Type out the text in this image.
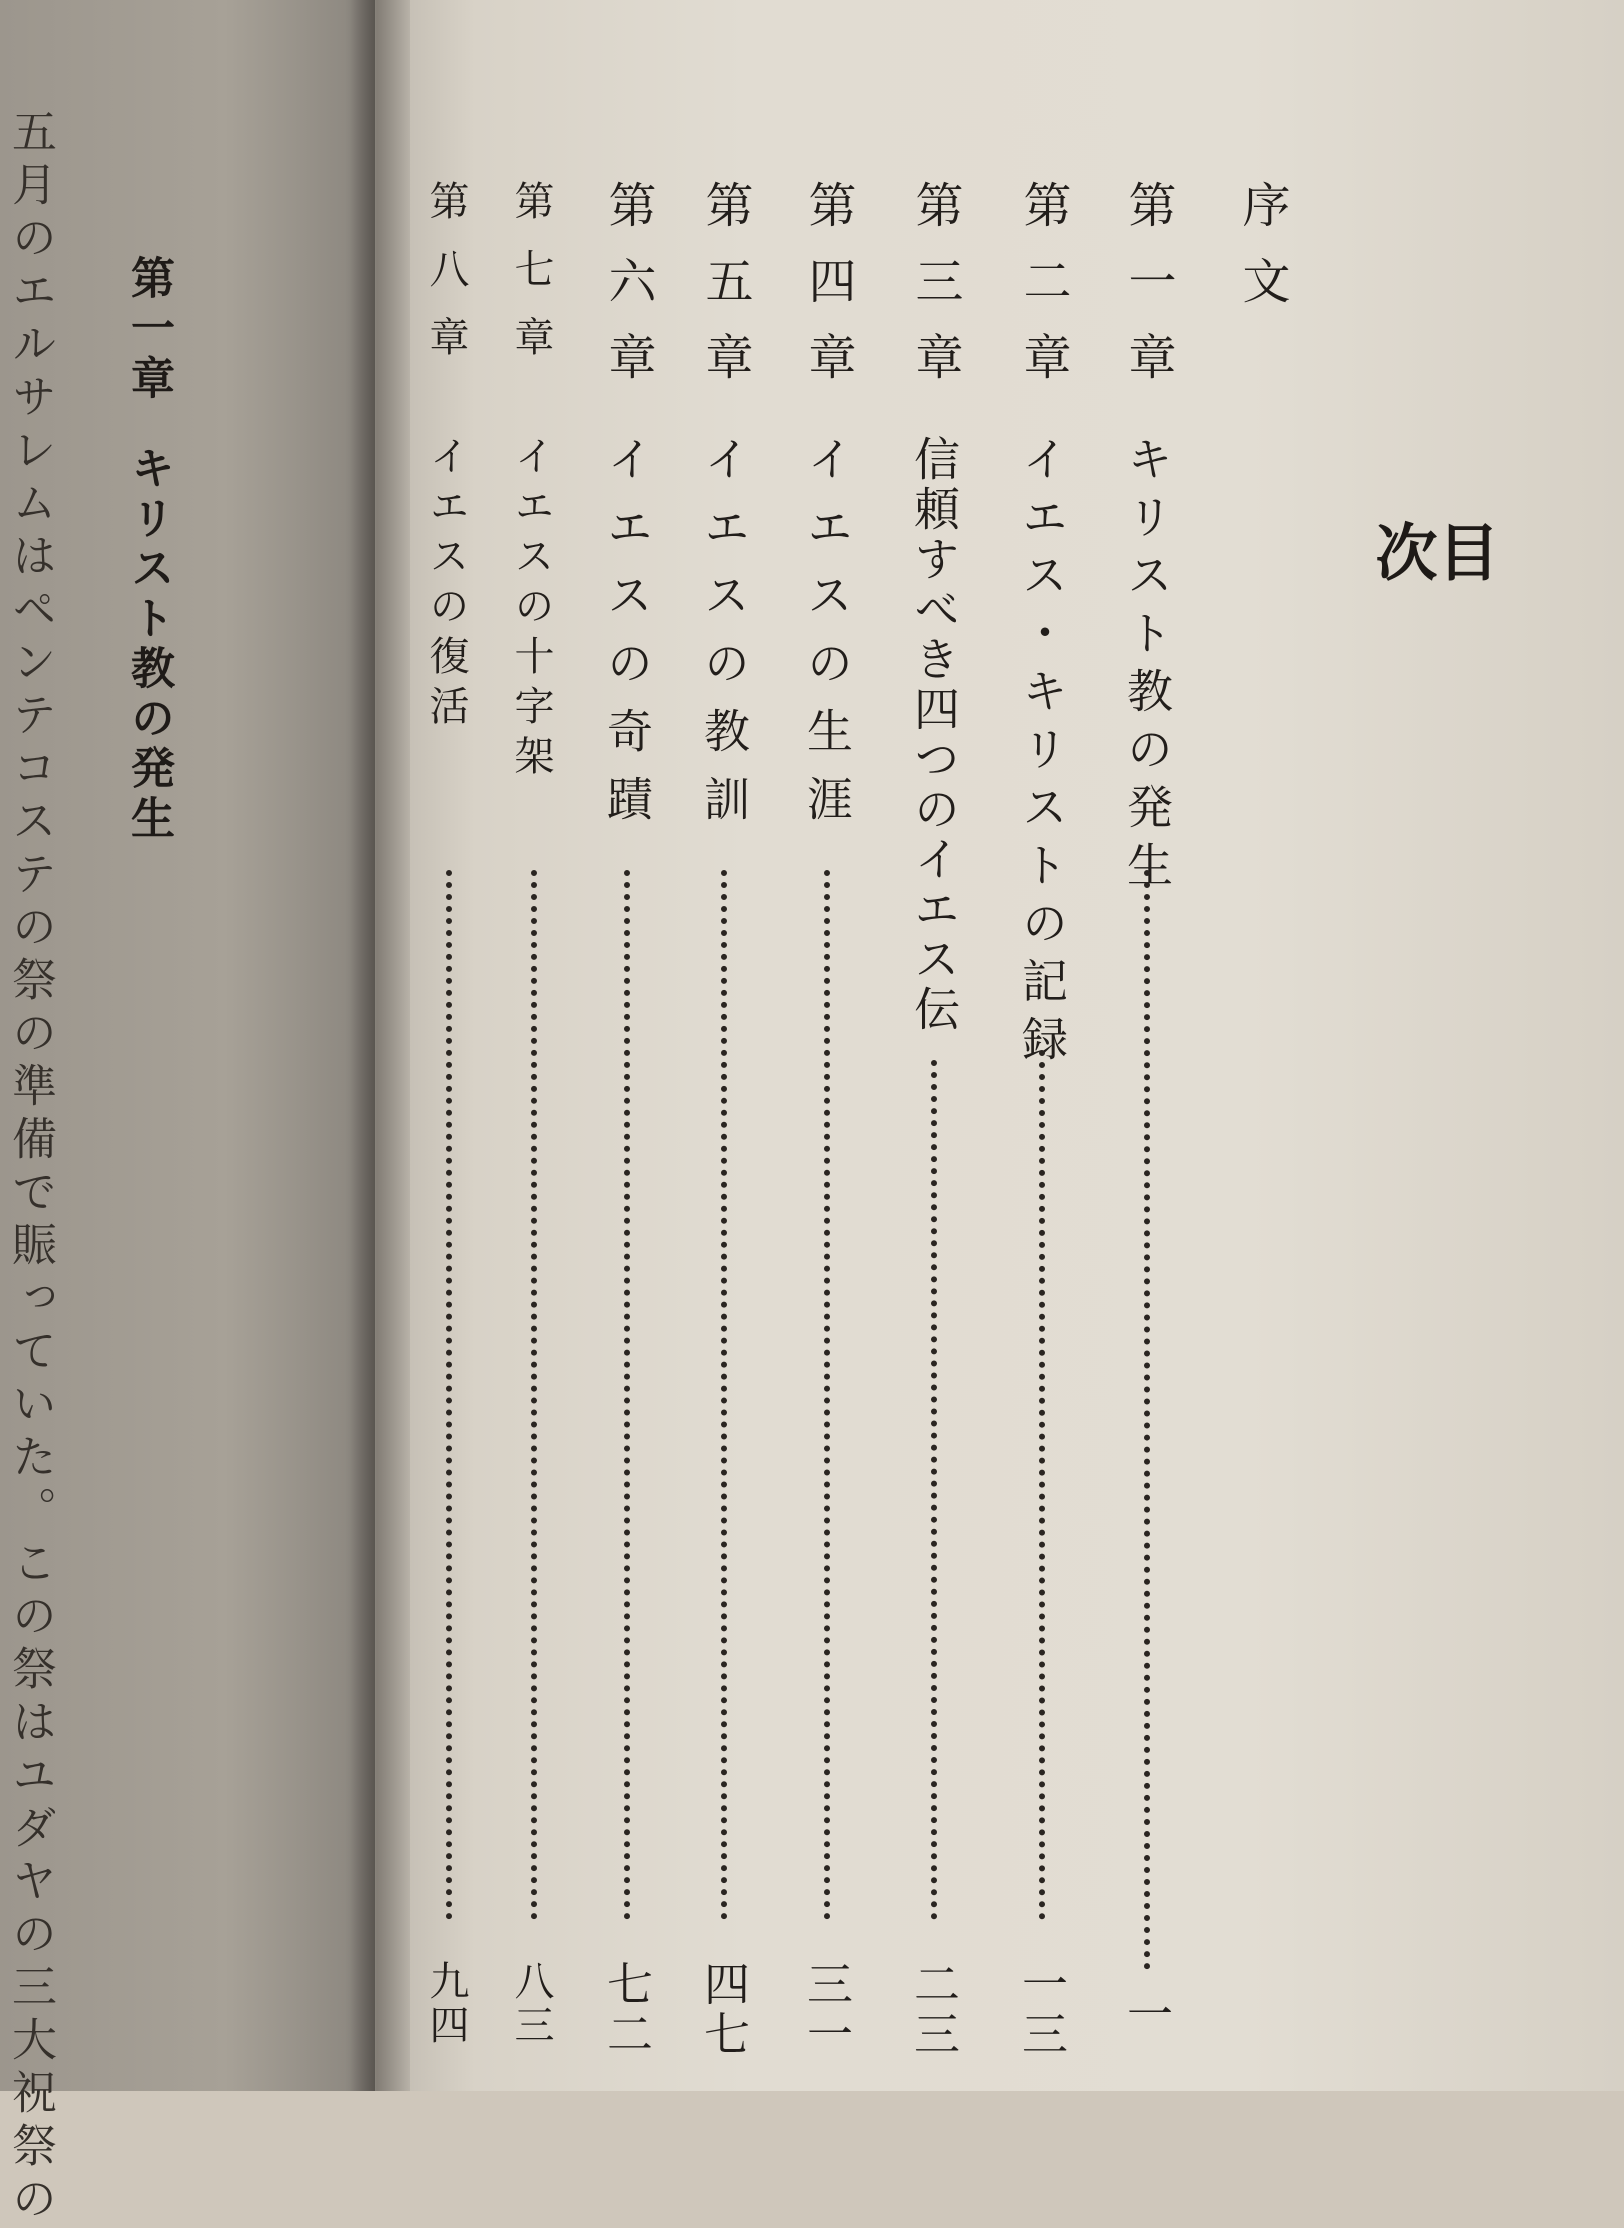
五月のエルサレムはペンテコステの祭の準備で賑っていた。この祭はユダヤの三大祝祭の 第一章キリスト教の発生	目
次
序文
第一章
キリスト教の発生
一
第二章
イエス・キリストの記録
一三
第三章
信頼すべき四つのイエス伝
二三
第四章
イエスの生涯
三一
第五章
イエスの教訓
四七
第六章
イエスの奇蹟
七二
第七章
イエスの十字架
八三
第八章
イエスの復活
九四
